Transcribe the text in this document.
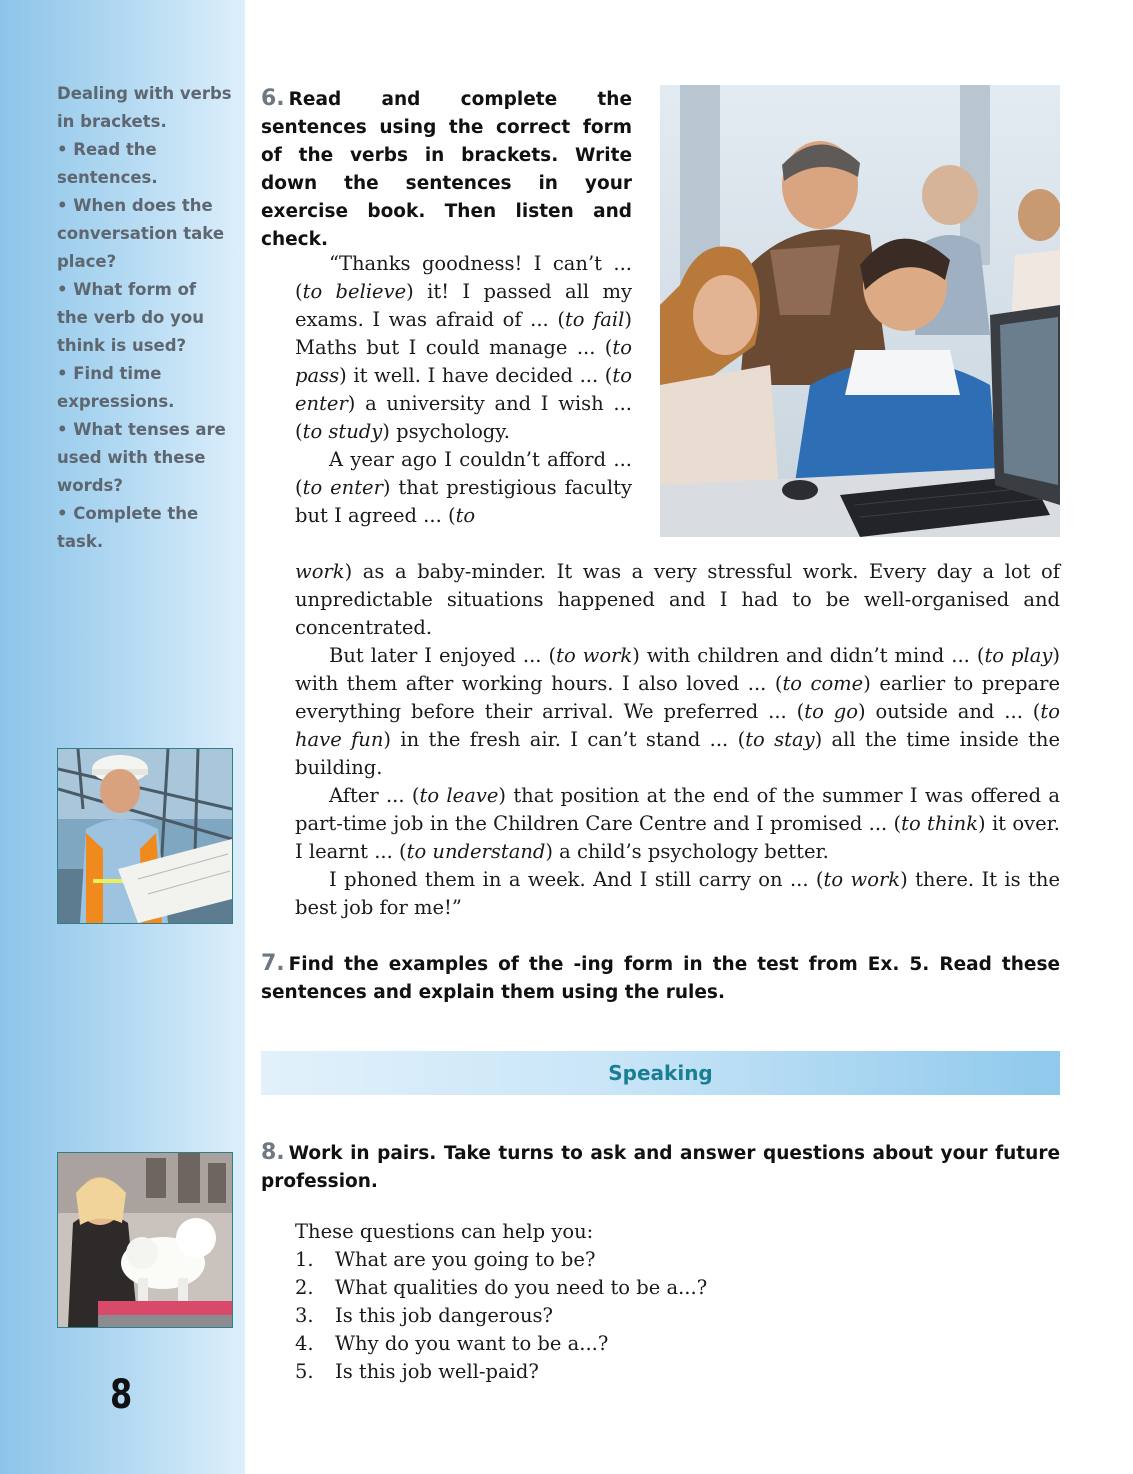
Dealing with verbs in brackets.
• Read the sentences.
• When does the conversation take place?
• What form of the verb do you think is used?
• Find time expressions.
• What tenses are used with these words?
• Complete the task.
8
6. Read and complete the sentences using the correct form of the verbs in brackets. Write down the sentences in your exercise book. Then listen and check.

“Thanks goodness! I can’t ... (to believe) it! I passed all my exams. I was afraid of ... (to fail) Maths but I could manage ... (to pass) it well. I have decided ... (to enter) a university and I wish ... (to study) psychology.

A year ago I couldn’t afford ... (to enter) that prestigious faculty but I agreed ... (to

work) as a baby-minder. It was a very stressful work. Every day a lot of unpredictable situations happened and I had to be well-organised and concentrated.

But later I enjoyed ... (to work) with children and didn’t mind ... (to play) with them after working hours. I also loved ... (to come) earlier to prepare everything before their arrival. We preferred ... (to go) outside and ... (to have fun) in the fresh air. I can’t stand ... (to stay) all the time inside the building.

After ... (to leave) that position at the end of the summer I was offered a part-time job in the Children Care Centre and I promised ... (to think) it over. I learnt ... (to understand) a child’s psychology better.

I phoned them in a week. And I still carry on ... (to work) there. It is the best job for me!”

7. Find the examples of the -ing form in the test from Ex. 5. Read these sentences and explain them using the rules.
Speaking
8. Work in pairs. Take turns to ask and answer questions about your future profession.
These questions can help you:
1.	What are you going to be?
2.	What qualities do you need to be a...?
3.	Is this job dangerous?
4.	Why do you want to be a...?
5.	Is this job well-paid?
